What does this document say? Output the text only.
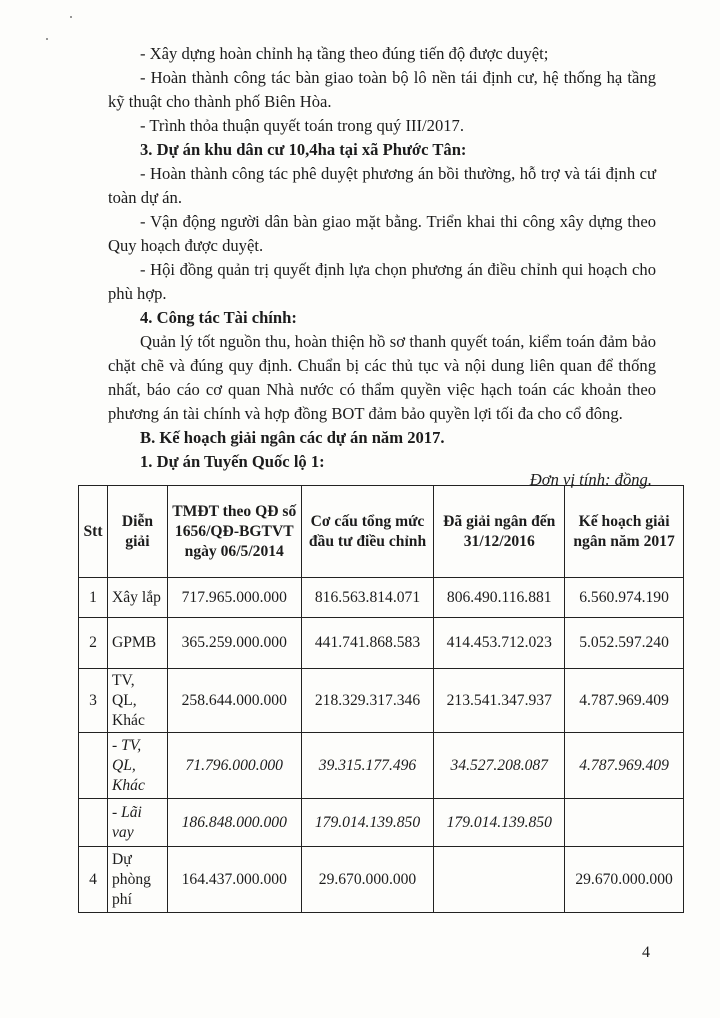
- Xây dựng hoàn chỉnh hạ tầng theo đúng tiến độ được duyệt;

- Hoàn thành công tác bàn giao toàn bộ lô nền tái định cư, hệ thống hạ tầng kỹ thuật cho thành phố Biên Hòa.

- Trình thỏa thuận quyết toán trong quý III/2017.

3. Dự án khu dân cư 10,4ha tại xã Phước Tân:

- Hoàn thành công tác phê duyệt phương án bồi thường, hỗ trợ và tái định cư toàn dự án.

- Vận động người dân bàn giao mặt bằng. Triển khai thi công xây dựng theo Quy hoạch được duyệt.

- Hội đồng quản trị quyết định lựa chọn phương án điều chỉnh qui hoạch cho phù hợp.

4. Công tác Tài chính:

Quản lý tốt nguồn thu, hoàn thiện hồ sơ thanh quyết toán, kiểm toán đảm bảo chặt chẽ và đúng quy định. Chuẩn bị các thủ tục và nội dung liên quan để thống nhất, báo cáo cơ quan Nhà nước có thẩm quyền việc hạch toán các khoản theo phương án tài chính và hợp đồng BOT đảm bảo quyền lợi tối đa cho cổ đông.

B. Kế hoạch giải ngân các dự án năm 2017.

1. Dự án Tuyến Quốc lộ 1:

Đơn vị tính: đồng.
Stt	Diễn giải	TMĐT theo QĐ số 1656/QĐ-BGTVT ngày 06/5/2014	Cơ cấu tổng mức đầu tư điều chỉnh	Đã giải ngân đến 31/12/2016	Kế hoạch giải ngân năm 2017
1	Xây lắp	717.965.000.000	816.563.814.071	806.490.116.881	6.560.974.190
2	GPMB	365.259.000.000	441.741.868.583	414.453.712.023	5.052.597.240
3	TV, QL, Khác	258.644.000.000	218.329.317.346	213.541.347.937	4.787.969.409
	- TV, QL, Khác	71.796.000.000	39.315.177.496	34.527.208.087	4.787.969.409
	- Lãi vay	186.848.000.000	179.014.139.850	179.014.139.850	
4	Dự phòng phí	164.437.000.000	29.670.000.000		29.670.000.000
4
